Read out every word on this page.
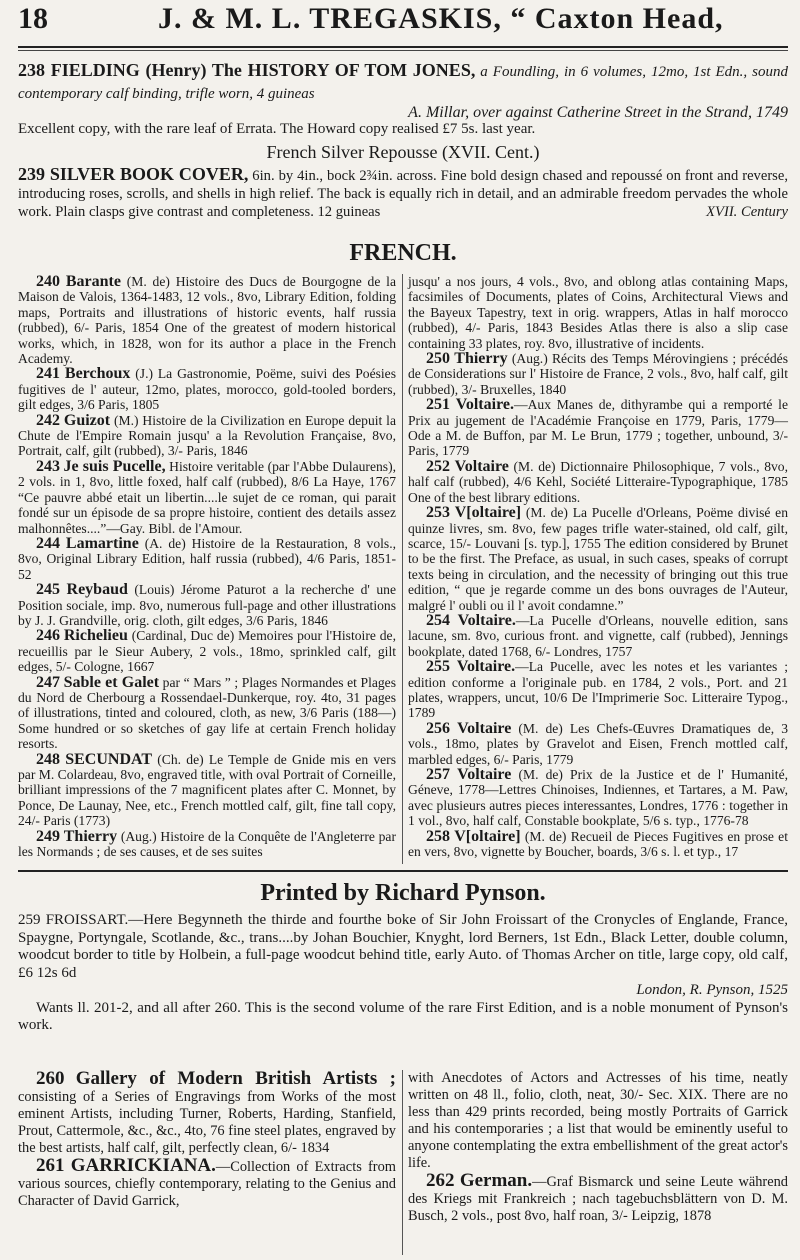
18	J. & M. L. TREGASKIS, “ Caxton Head,
238 FIELDING (Henry) The HISTORY OF TOM JONES, a Foundling, in 6 volumes, 12mo, 1st Edn., sound contemporary calf binding, trifle worn, 4 guineas
A. Millar, over against Catherine Street in the Strand, 1749
Excellent copy, with the rare leaf of Errata. The Howard copy realised £7 5s. last year.
French Silver Repousse (XVII. Cent.)
239 SILVER BOOK COVER, 6in. by 4in., bock 2¾in. across. Fine bold design chased and repoussé on front and reverse, introducing roses, scrolls, and shells in high relief. The back is equally rich in detail, and an admirable freedom pervades the whole work. Plain clasps give contrast and completeness. 12 guineas	XVII. Century
FRENCH.
240 Barante (M. de) Histoire des Ducs de Bourgogne de la Maison de Valois, 1364-1483, 12 vols., 8vo, Library Edition, folding maps, Portraits and illustrations of historic events, half russia (rubbed), 6/- Paris, 1854 One of the greatest of modern historical works, which, in 1828, won for its author a place in the French Academy.
241 Berchoux (J.) La Gastronomie, Poëme, suivi des Poésies fugitives de l' auteur, 12mo, plates, morocco, gold-tooled borders, gilt edges, 3/6 Paris, 1805
242 Guizot (M.) Histoire de la Civilization en Europe depuit la Chute de l'Empire Romain jusqu' a la Revolution Française, 8vo, Portrait, calf, gilt (rubbed), 3/- Paris, 1846
243 Je suis Pucelle, Histoire veritable (par l'Abbe Dulaurens), 2 vols. in 1, 8vo, little foxed, half calf (rubbed), 8/6 La Haye, 1767 “Ce pauvre abbé etait un libertin....le sujet de ce roman, qui parait fondé sur un épisode de sa propre histoire, contient des details assez malhonnêtes....”—Gay. Bibl. de l'Amour.
244 Lamartine (A. de) Histoire de la Restauration, 8 vols., 8vo, Original Library Edition, half russia (rubbed), 4/6 Paris, 1851-52
245 Reybaud (Louis) Jérome Paturot a la recherche d' une Position sociale, imp. 8vo, numerous full-page and other illustrations by J. J. Grandville, orig. cloth, gilt edges, 3/6 Paris, 1846
246 Richelieu (Cardinal, Duc de) Memoires pour l'Histoire de, recueillis par le Sieur Aubery, 2 vols., 18mo, sprinkled calf, gilt edges, 5/- Cologne, 1667
247 Sable et Galet par “ Mars ” ; Plages Normandes et Plages du Nord de Cherbourg a Rossendael-Dunkerque, roy. 4to, 31 pages of illustrations, tinted and coloured, cloth, as new, 3/6 Paris (188—) Some hundred or so sketches of gay life at certain French holiday resorts.
248 SECUNDAT (Ch. de) Le Temple de Gnide mis en vers par M. Colardeau, 8vo, engraved title, with oval Portrait of Corneille, brilliant impressions of the 7 magnificent plates after C. Monnet, by Ponce, De Launay, Nee, etc., French mottled calf, gilt, fine tall copy, 24/- Paris (1773)
249 Thierry (Aug.) Histoire de la Conquête de l'Angleterre par les Normands ; de ses causes, et de ses suites
jusqu' a nos jours, 4 vols., 8vo, and oblong atlas containing Maps, facsimiles of Documents, plates of Coins, Architectural Views and the Bayeux Tapestry, text in orig. wrappers, Atlas in half morocco (rubbed), 4/- Paris, 1843 Besides Atlas there is also a slip case containing 33 plates, roy. 8vo, illustrative of incidents.
250 Thierry (Aug.) Récits des Temps Mérovingiens ; précédés de Considerations sur l' Histoire de France, 2 vols., 8vo, half calf, gilt (rubbed), 3/- Bruxelles, 1840
251 Voltaire.—Aux Manes de, dithyrambe qui a remporté le Prix au jugement de l'Académie Françoise en 1779, Paris, 1779—Ode a M. de Buffon, par M. Le Brun, 1779 ; together, unbound, 3/- Paris, 1779
252 Voltaire (M. de) Dictionnaire Philosophique, 7 vols., 8vo, half calf (rubbed), 4/6 Kehl, Société Litteraire-Typographique, 1785 One of the best library editions.
253 V[oltaire] (M. de) La Pucelle d'Orleans, Poëme divisé en quinze livres, sm. 8vo, few pages trifle water-stained, old calf, gilt, scarce, 15/- Louvani [s. typ.], 1755 The edition considered by Brunet to be the first. The Preface, as usual, in such cases, speaks of corrupt texts being in circulation, and the necessity of bringing out this true edition, “ que je regarde comme un des bons ouvrages de l'Auteur, malgré l' oubli ou il l' avoit condamne.”
254 Voltaire.—La Pucelle d'Orleans, nouvelle edition, sans lacune, sm. 8vo, curious front. and vignette, calf (rubbed), Jennings bookplate, dated 1768, 6/- Londres, 1757
255 Voltaire.—La Pucelle, avec les notes et les variantes ; edition conforme a l'originale pub. en 1784, 2 vols., Port. and 21 plates, wrappers, uncut, 10/6 De l'Imprimerie Soc. Litteraire Typog., 1789
256 Voltaire (M. de) Les Chefs-Œuvres Dramatiques de, 3 vols., 18mo, plates by Gravelot and Eisen, French mottled calf, marbled edges, 6/- Paris, 1779
257 Voltaire (M. de) Prix de la Justice et de l' Humanité, Géneve, 1778—Lettres Chinoises, Indiennes, et Tartares, a M. Paw, avec plusieurs autres pieces interessantes, Londres, 1776 : together in 1 vol., 8vo, half calf, Constable bookplate, 5/6 s. typ., 1776-78
258 V[oltaire] (M. de) Recueil de Pieces Fugitives en prose et en vers, 8vo, vignette by Boucher, boards, 3/6 s. l. et typ., 17
Printed by Richard Pynson.
259 FROISSART.—Here Begynneth the thirde and fourthe boke of Sir John Froissart of the Cronycles of Englande, France, Spaygne, Portyngale, Scotlande, &c., trans....by Johan Bouchier, Knyght, lord Berners, 1st Edn., Black Letter, double column, woodcut border to title by Holbein, a full-page woodcut behind title, early Auto. of Thomas Archer on title, large copy, old calf, £6 12s 6d
London, R. Pynson, 1525
Wants ll. 201-2, and all after 260. This is the second volume of the rare First Edition, and is a noble monument of Pynson's work.
260 Gallery of Modern British Artists ; consisting of a Series of Engravings from Works of the most eminent Artists, including Turner, Roberts, Harding, Stanfield, Prout, Cattermole, &c., &c., 4to, 76 fine steel plates, engraved by the best artists, half calf, gilt, perfectly clean, 6/- 1834
261 GARRICKIANA.—Collection of Extracts from various sources, chiefly contemporary, relating to the Genius and Character of David Garrick,
with Anecdotes of Actors and Actresses of his time, neatly written on 48 ll., folio, cloth, neat, 30/- Sec. XIX. There are no less than 429 prints recorded, being mostly Portraits of Garrick and his contemporaries ; a list that would be eminently useful to anyone contemplating the extra embellishment of the great actor's life.
262 German.—Graf Bismarck und seine Leute während des Kriegs mit Frankreich ; nach tagebuchsblättern von D. M. Busch, 2 vols., post 8vo, half roan, 3/- Leipzig, 1878
